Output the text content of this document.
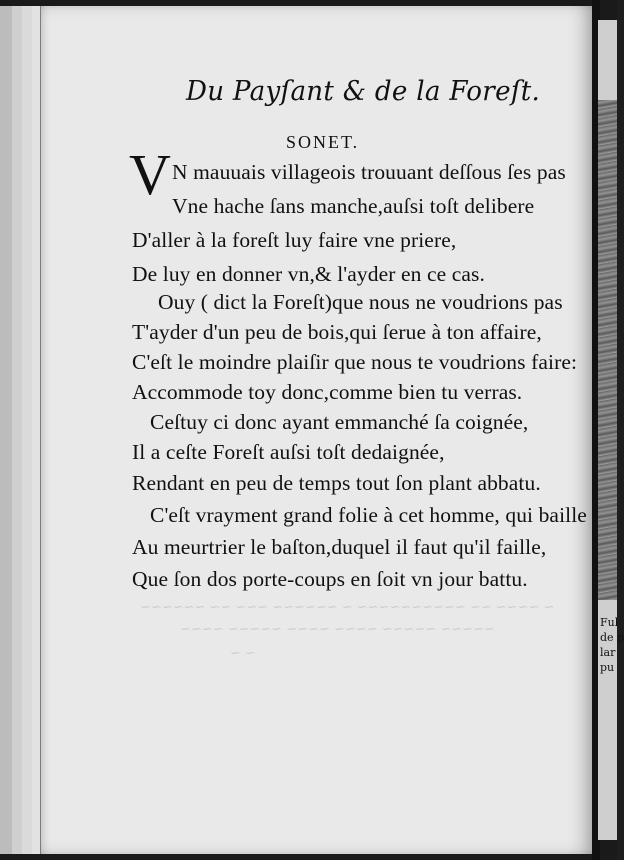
~ ~~~~ ~~ ~~~~~~~~~~ ~ ~~~~~~ ~~~ ~~ ~~~~~~
~~~~~ ~~~~~ ~~~~ ~~~~ ~~~~~ ~~~~
~ ~
Du Payſant & de la Foreſt.
SONET.
V N mauuais villageois trouuant deſſous ſes pas
Vne hache ſans manche,auſsi toſt delibere
D'aller à la foreſt luy faire vne priere,
De luy en donner vn,& l'ayder en ce cas.
Ouy ( dict la Foreſt)que nous ne voudrions pas
T'ayder d'un peu de bois,qui ſerue à ton affaire,
C'eſt le moindre plaiſir que nous te voudrions faire:
Accommode toy donc,comme bien tu verras.
Ceſtuy ci donc ayant emmanché ſa coignée,
Il a ceſte Foreſt auſsi toſt dedaignée,
Rendant en peu de temps tout ſon plant abbatu.
C'eſt vrayment grand folie à cet homme, qui baille
Au meurtrier le baſton,duquel il faut qu'il faille,
Que ſon dos porte-coups en ſoit vn jour battu.
Ful
de p
lar
pu
